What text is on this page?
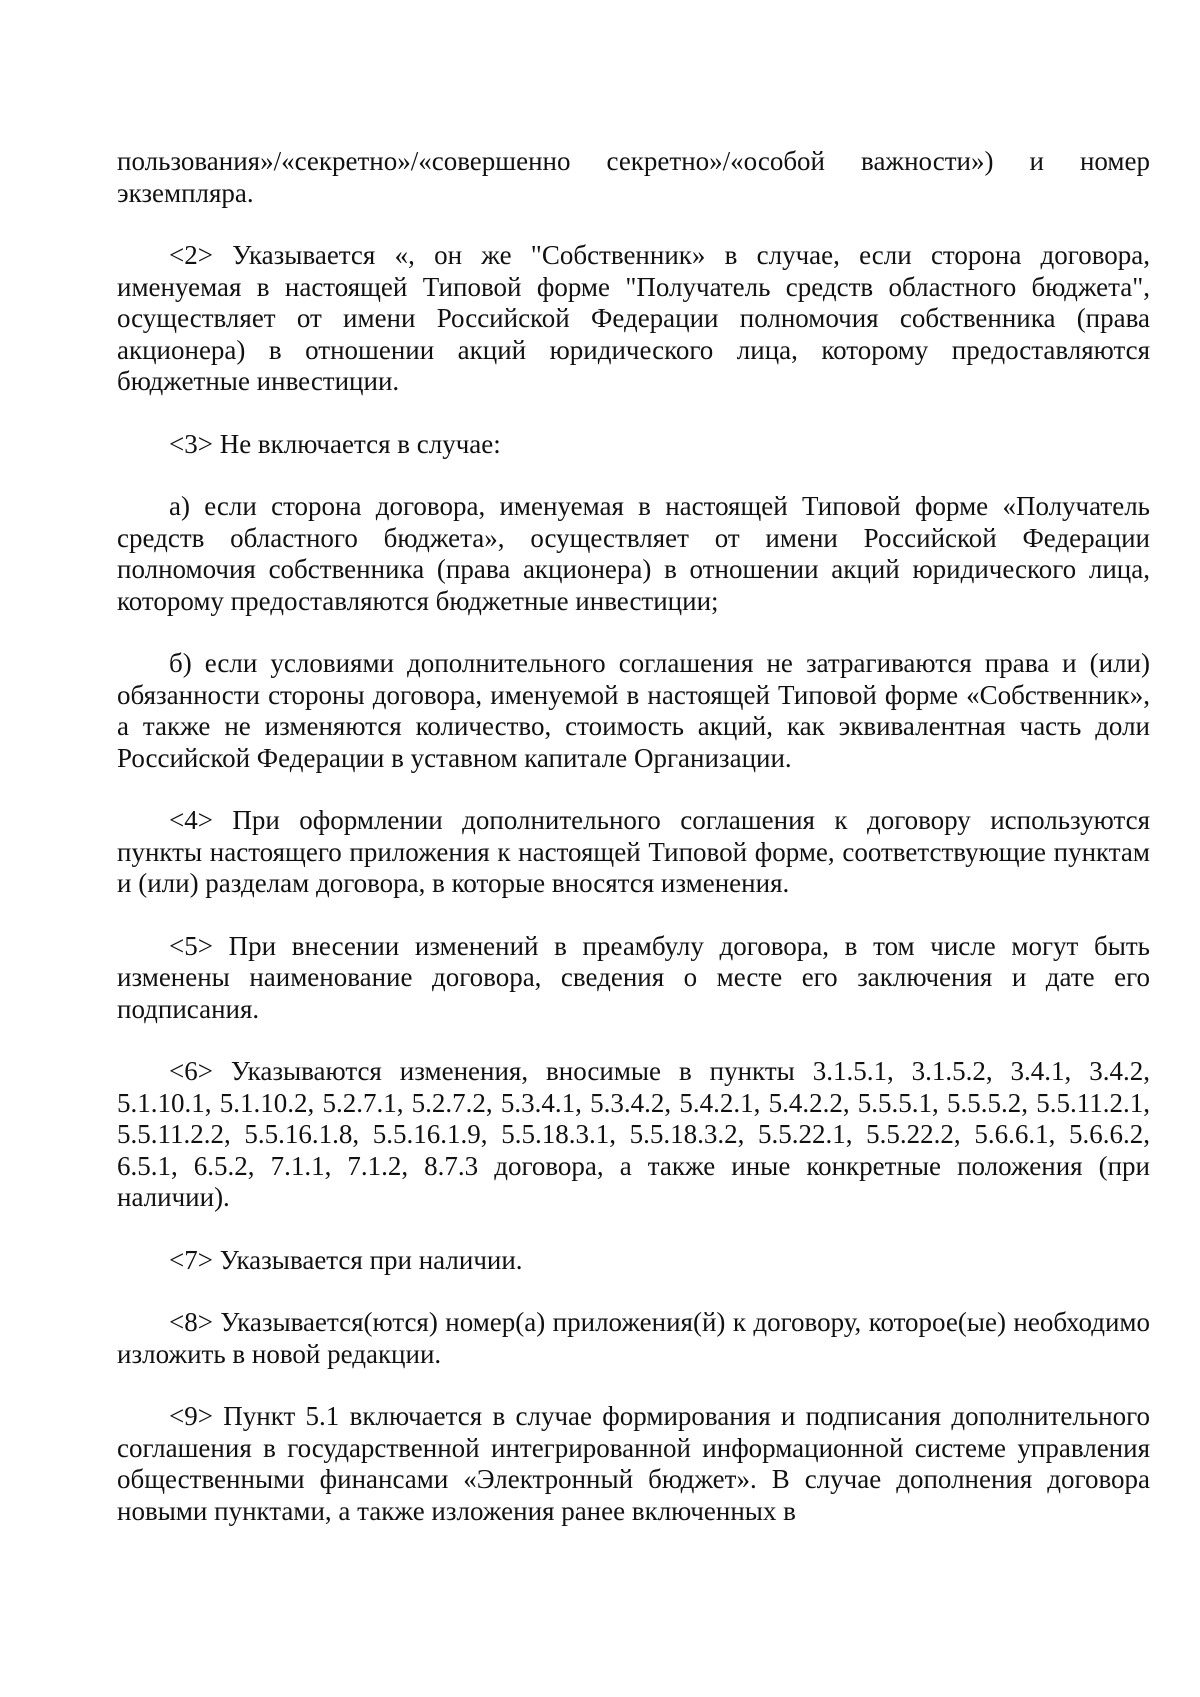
пользования»/«секретно»/«совершенно секретно»/«особой важности») и номер экземпляра.

<2> Указывается «, он же "Собственник» в случае, если сторона договора, именуемая в настоящей Типовой форме "Получатель средств областного бюджета", осуществляет от имени Российской Федерации полномочия собственника (права акционера) в отношении акций юридического лица, которому предоставляются бюджетные инвестиции.

<3> Не включается в случае:

а) если сторона договора, именуемая в настоящей Типовой форме «Получатель средств областного бюджета», осуществляет от имени Российской Федерации полномочия собственника (права акционера) в отношении акций юридического лица, которому предоставляются бюджетные инвестиции;

б) если условиями дополнительного соглашения не затрагиваются права и (или) обязанности стороны договора, именуемой в настоящей Типовой форме «Собственник», а также не изменяются количество, стоимость акций, как эквивалентная часть доли Российской Федерации в уставном капитале Организации.

<4> При оформлении дополнительного соглашения к договору используются пункты настоящего приложения к настоящей Типовой форме, соответствующие пунктам и (или) разделам договора, в которые вносятся изменения.

<5> При внесении изменений в преамбулу договора, в том числе могут быть изменены наименование договора, сведения о месте его заключения и дате его подписания.

<6> Указываются изменения, вносимые в пункты 3.1.5.1, 3.1.5.2, 3.4.1, 3.4.2, 5.1.10.1, 5.1.10.2, 5.2.7.1, 5.2.7.2, 5.3.4.1, 5.3.4.2, 5.4.2.1, 5.4.2.2, 5.5.5.1, 5.5.5.2, 5.5.11.2.1, 5.5.11.2.2, 5.5.16.1.8, 5.5.16.1.9, 5.5.18.3.1, 5.5.18.3.2, 5.5.22.1, 5.5.22.2, 5.6.6.1, 5.6.6.2, 6.5.1, 6.5.2, 7.1.1, 7.1.2, 8.7.3 договора, а также иные конкретные положения (при наличии).

<7> Указывается при наличии.

<8> Указывается(ются) номер(а) приложения(й) к договору, которое(ые) необходимо изложить в новой редакции.

<9> Пункт 5.1 включается в случае формирования и подписания дополнительного соглашения в государственной интегрированной информационной системе управления общественными финансами «Электронный бюджет». В случае дополнения договора новыми пунктами, а также изложения ранее включенных в
